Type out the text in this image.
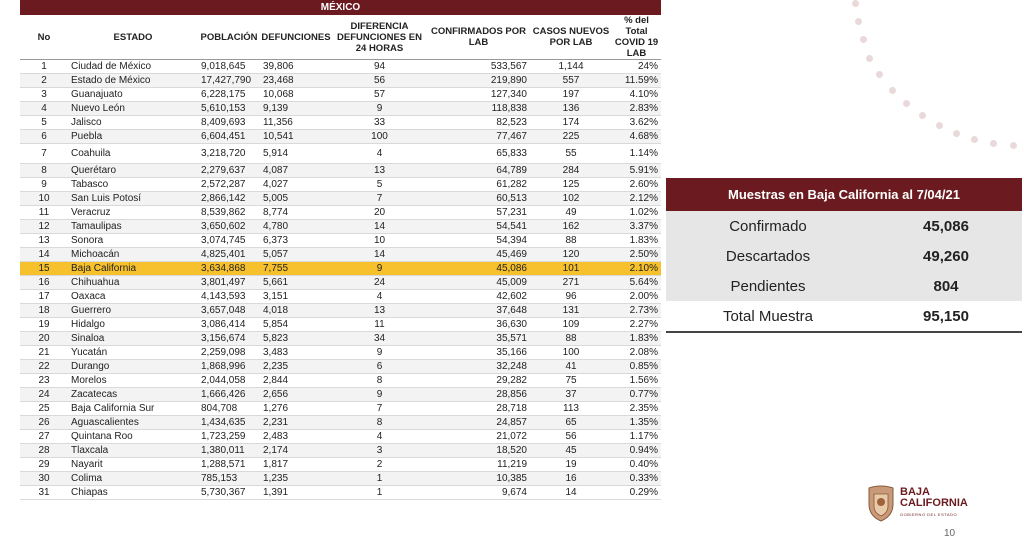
MÉXICO
No	ESTADO	POBLACIÓN	DEFUNCIONES	DIFERENCIA DEFUNCIONES EN 24 HORAS	CONFIRMADOS POR LAB	CASOS NUEVOS POR LAB	% del Total COVID 19 LAB
1	Ciudad de México	9,018,645	39,806	94	533,567	1,144	24%
2	Estado de México	17,427,790	23,468	56	219,890	557	11.59%
3	Guanajuato	6,228,175	10,068	57	127,340	197	4.10%
4	Nuevo León	5,610,153	9,139	9	118,838	136	2.83%
5	Jalisco	8,409,693	11,356	33	82,523	174	3.62%
6	Puebla	6,604,451	10,541	100	77,467	225	4.68%
7	Coahuila	3,218,720	5,914	4	65,833	55	1.14%
8	Querétaro	2,279,637	4,087	13	64,789	284	5.91%
9	Tabasco	2,572,287	4,027	5	61,282	125	2.60%
10	San Luis Potosí	2,866,142	5,005	7	60,513	102	2.12%
11	Veracruz	8,539,862	8,774	20	57,231	49	1.02%
12	Tamaulipas	3,650,602	4,780	14	54,541	162	3.37%
13	Sonora	3,074,745	6,373	10	54,394	88	1.83%
14	Michoacán	4,825,401	5,057	14	45,469	120	2.50%
15	Baja California	3,634,868	7,755	9	45,086	101	2.10%
16	Chihuahua	3,801,497	5,661	24	45,009	271	5.64%
17	Oaxaca	4,143,593	3,151	4	42,602	96	2.00%
18	Guerrero	3,657,048	4,018	13	37,648	131	2.73%
19	Hidalgo	3,086,414	5,854	11	36,630	109	2.27%
20	Sinaloa	3,156,674	5,823	34	35,571	88	1.83%
21	Yucatán	2,259,098	3,483	9	35,166	100	2.08%
22	Durango	1,868,996	2,235	6	32,248	41	0.85%
23	Morelos	2,044,058	2,844	8	29,282	75	1.56%
24	Zacatecas	1,666,426	2,656	9	28,856	37	0.77%
25	Baja California Sur	804,708	1,276	7	28,718	113	2.35%
26	Aguascalientes	1,434,635	2,231	8	24,857	65	1.35%
27	Quintana Roo	1,723,259	2,483	4	21,072	56	1.17%
28	Tlaxcala	1,380,011	2,174	3	18,520	45	0.94%
29	Nayarit	1,288,571	1,817	2	11,219	19	0.40%
30	Colima	785,153	1,235	1	10,385	16	0.33%
31	Chiapas	5,730,367	1,391	1	9,674	14	0.29%
Muestras en Baja California al 7/04/21
Confirmado	45,086
Descartados	49,260
Pendientes	804
Total Muestra	95,150
BAJA
CALIFORNIA
GOBIERNO DEL ESTADO
10
